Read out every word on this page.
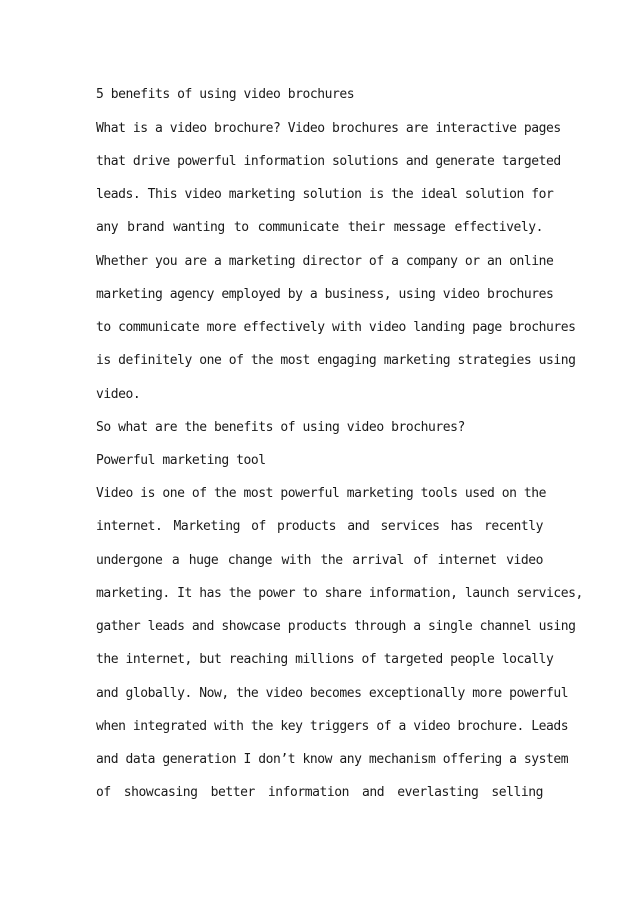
5 benefits of using video brochures

What is a video brochure? Video brochures are interactive pages

that drive powerful information solutions and generate targeted

leads. This video marketing solution is the ideal solution for

any brand wanting to communicate their message effectively.

Whether you are a marketing director of a company or an online

marketing agency employed by a business, using video brochures

to communicate more effectively with video landing page brochures

is definitely one of the most engaging marketing strategies using

video.

So what are the benefits of using video brochures?

Powerful marketing tool

Video is one of the most powerful marketing tools used on the

internet. Marketing of products and services has recently

undergone a huge change with the arrival of internet video

marketing. It has the power to share information, launch services,

gather leads and showcase products through a single channel using

the internet, but reaching millions of targeted people locally

and globally. Now, the video becomes exceptionally more powerful

when integrated with the key triggers of a video brochure. Leads

and data generation I don’t know any mechanism offering a system

of showcasing better information and everlasting selling
